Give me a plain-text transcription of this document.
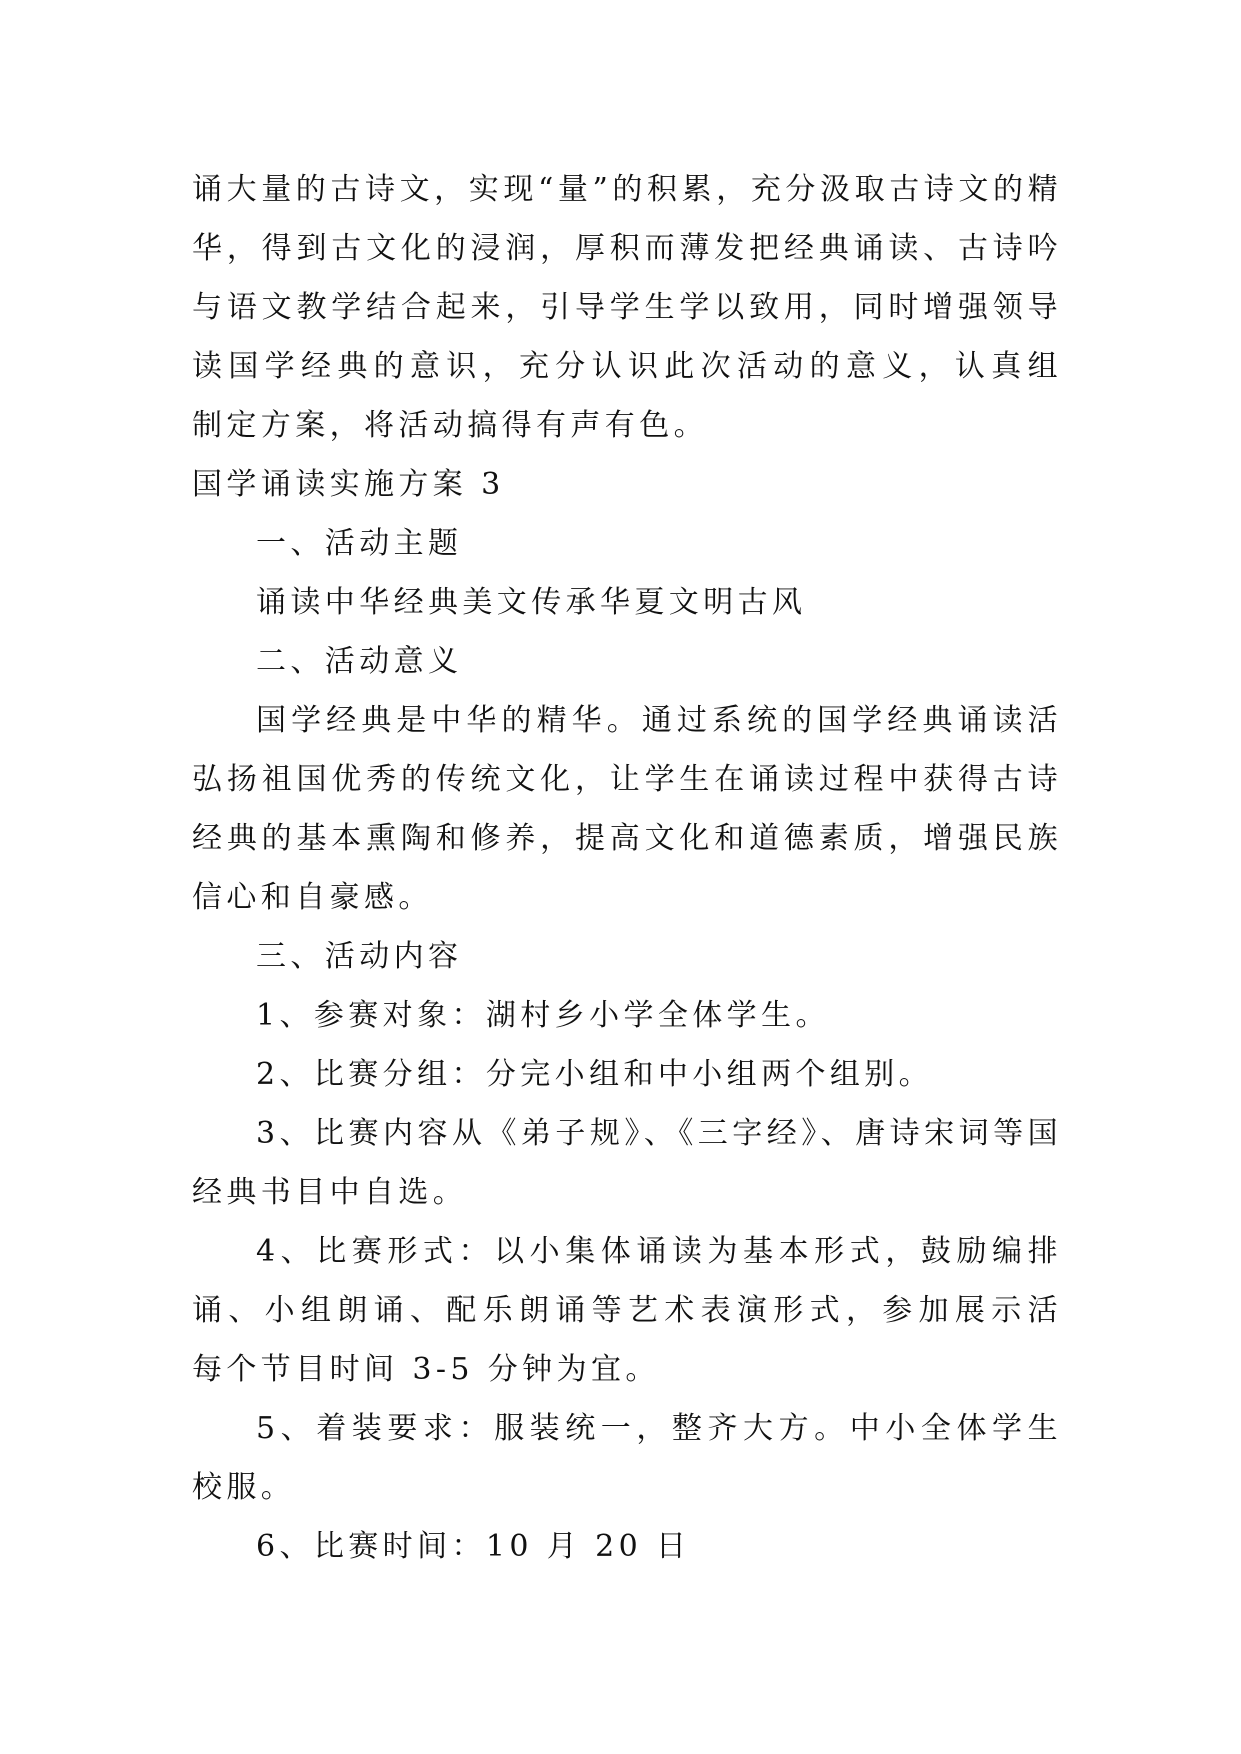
诵大量的古诗文，实现“量”的积累，充分汲取古诗文的精
华，得到古文化的浸润，厚积而薄发把经典诵读、古诗吟
与语文教学结合起来，引导学生学以致用，同时增强领导
读国学经典的意识，充分认识此次活动的意义，认真组
制定方案，将活动搞得有声有色。
国学诵读实施方案 3
一、活动主题
诵读中华经典美文传承华夏文明古风
二、活动意义
国学经典是中华的精华。通过系统的国学经典诵读活
弘扬祖国优秀的传统文化，让学生在诵读过程中获得古诗
经典的基本熏陶和修养，提高文化和道德素质，增强民族
信心和自豪感。
三、活动内容
1、参赛对象：湖村乡小学全体学生。
2、比赛分组：分完小组和中小组两个组别。
3、比赛内容从《弟子规》、《三字经》、唐诗宋词等国
经典书目中自选。
4、比赛形式：以小集体诵读为基本形式，鼓励编排
诵、小组朗诵、配乐朗诵等艺术表演形式，参加展示活
每个节目时间 3-5 分钟为宜。
5、着装要求：服装统一，整齐大方。中小全体学生
校服。
6、比赛时间：10 月 20 日
